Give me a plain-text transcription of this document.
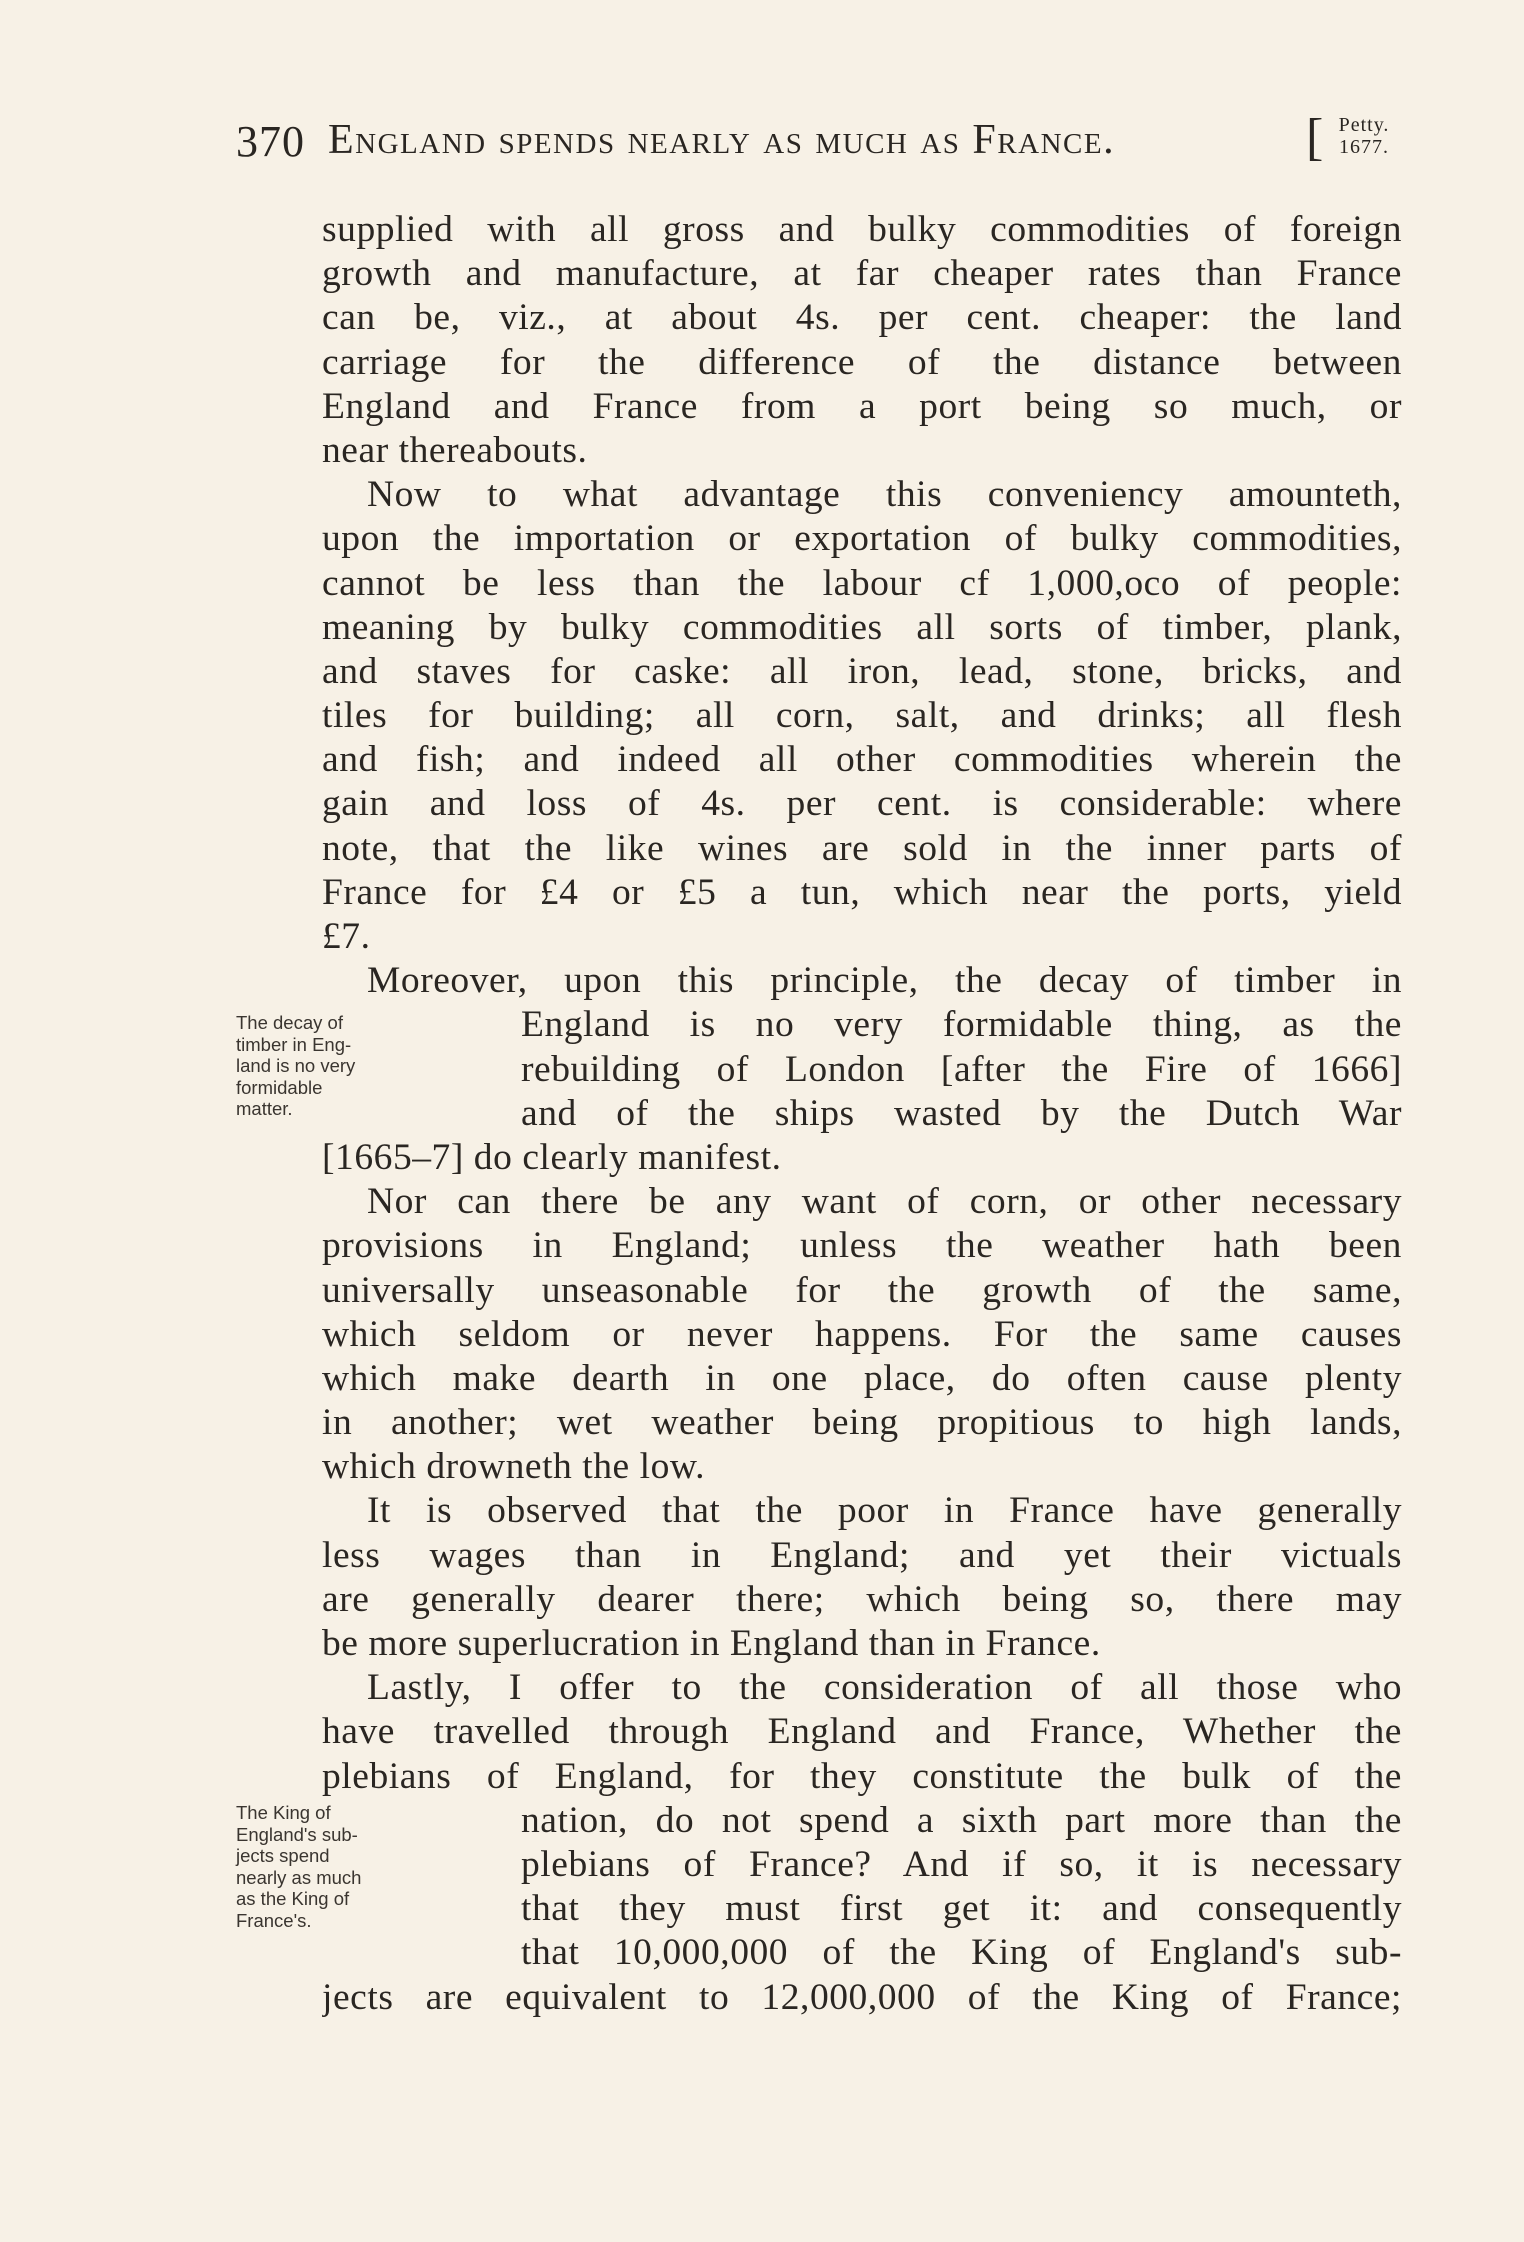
370 England spends nearly as much as France.	[ Petty.
1677.
supplied with all gross and bulky commodities of foreign
growth and manufacture, at far cheaper rates than France
can be, viz., at about 4s. per cent. cheaper: the land
carriage for the difference of the distance between
England and France from a port being so much, or
near thereabouts.
Now to what advantage this conveniency amounteth,
upon the importation or exportation of bulky commodities,
cannot be less than the labour cf 1,000,oco of people:
meaning by bulky commodities all sorts of timber, plank,
and staves for caske: all iron, lead, stone, bricks, and
tiles for building; all corn, salt, and drinks; all flesh
and fish; and indeed all other commodities wherein the
gain and loss of 4s. per cent. is considerable: where
note, that the like wines are sold in the inner parts of
France for £4 or £5 a tun, which near the ports, yield
£7.
Moreover, upon this principle, the decay of timber in
England is no very formidable thing, as the
rebuilding of London [after the Fire of 1666]
and of the ships wasted by the Dutch War
[1665–7] do clearly manifest.
Nor can there be any want of corn, or other necessary
provisions in England; unless the weather hath been
universally unseasonable for the growth of the same,
which seldom or never happens. For the same causes
which make dearth in one place, do often cause plenty
in another; wet weather being propitious to high lands,
which drowneth the low.
It is observed that the poor in France have generally
less wages than in England; and yet their victuals
are generally dearer there; which being so, there may
be more superlucration in England than in France.
Lastly, I offer to the consideration of all those who
have travelled through England and France, Whether the
plebians of England, for they constitute the bulk of the
nation, do not spend a sixth part more than the
plebians of France? And if so, it is necessary
that they must first get it: and consequently
that 10,000,000 of the King of England's sub-
jects are equivalent to 12,000,000 of the King of France;
The decay of
timber in Eng-
land is no very
formidable
matter.
The King of
England's sub-
jects spend
nearly as much
as the King of
France's.
